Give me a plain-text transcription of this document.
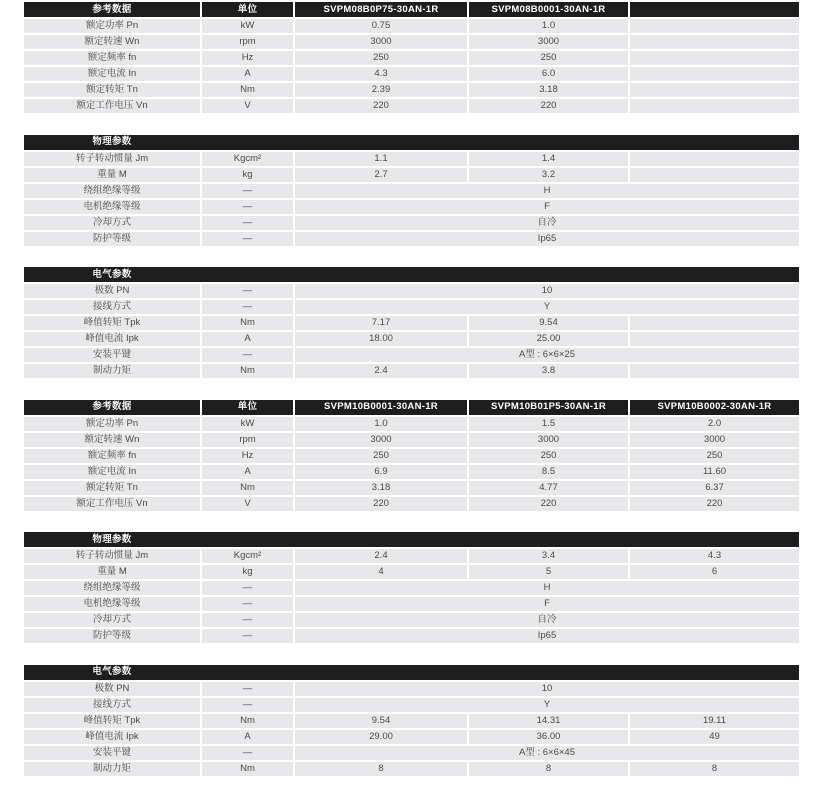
参考数据	单位	SVPM08B0P75-30AN-1R	SVPM08B0001-30AN-1R
额定功率 Pn	kW	0.75	1.0
额定转速 Wn	rpm	3000	3000
额定频率 fn	Hz	250	250
额定电流 In	A	4.3	6.0
额定转矩 Tn	Nm	2.39	3.18
额定工作电压 Vn	V	220	220
物理参数
转子转动惯量 Jm	Kgcm²	1.1	1.4
重量 M	kg	2.7	3.2
绕组绝缘等级	—	H
电机绝缘等级	—	F
冷却方式	—	自冷
防护等级	—	Ip65
电气参数
极数 PN	—	10
接线方式	—	Y
峰值转矩 Tpk	Nm	7.17	9.54
峰值电流 Ipk	A	18.00	25.00
安装平键	—	A型 : 6×6×25
制动力矩	Nm	2.4	3.8
参考数据	单位	SVPM10B0001-30AN-1R	SVPM10B01P5-30AN-1R	SVPM10B0002-30AN-1R
额定功率 Pn	kW	1.0	1.5	2.0
额定转速 Wn	rpm	3000	3000	3000
额定频率 fn	Hz	250	250	250
额定电流 In	A	6.9	8.5	11.60
额定转矩 Tn	Nm	3.18	4.77	6.37
额定工作电压 Vn	V	220	220	220
物理参数
转子转动惯量 Jm	Kgcm²	2.4	3.4	4.3
重量 M	kg	4	5	6
绕组绝缘等级	—	H
电机绝缘等级	—	F
冷却方式	—	自冷
防护等级	—	Ip65
电气参数
极数 PN	—	10
接线方式	—	Y
峰值转矩 Tpk	Nm	9.54	14.31	19.11
峰值电流 Ipk	A	29.00	36.00	49
安装平键	—	A型 : 6×6×45
制动力矩	Nm	8	8	8
